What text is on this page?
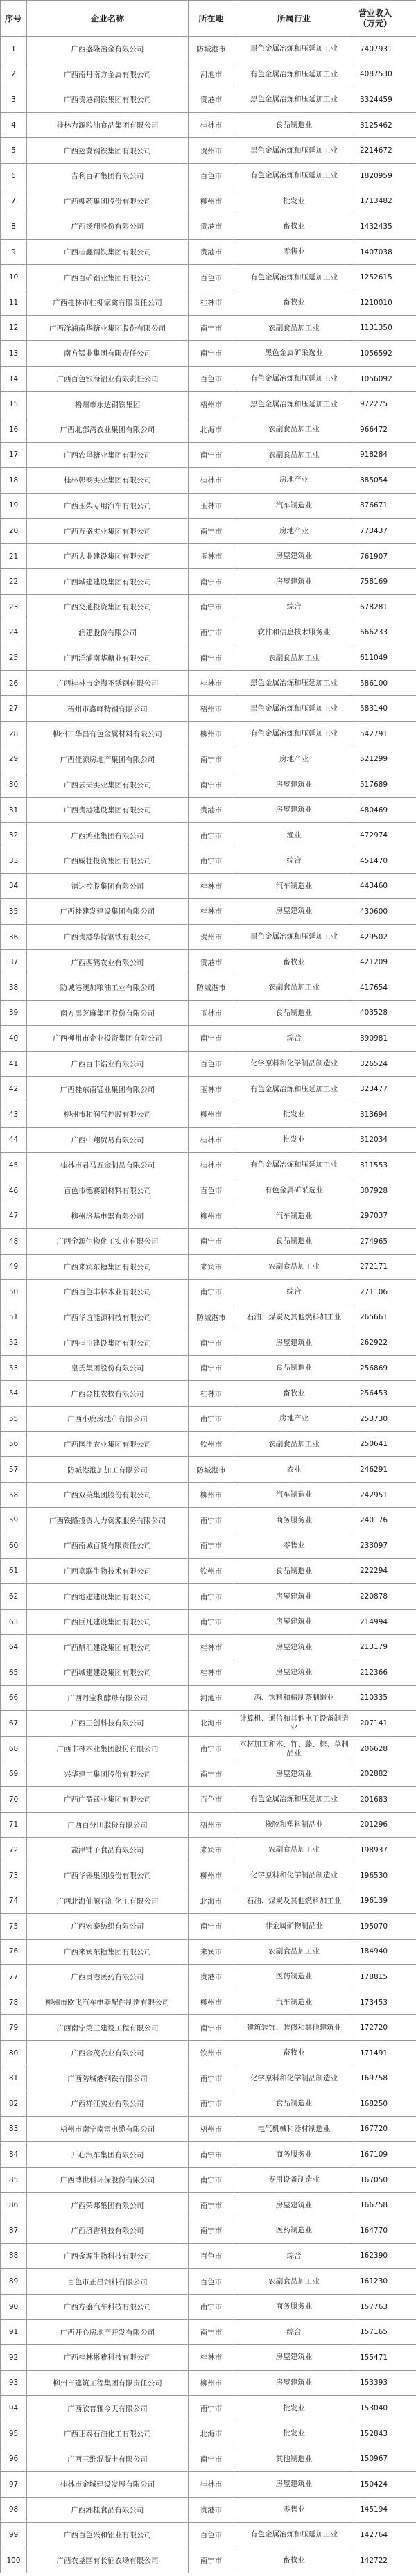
序号	企业名称	所在地	所属行业	营业收入
（万元）
1	广西盛隆冶金有限公司	防城港市	黑色金属冶炼和压延加工业	7407931
2	广西南丹南方金属有限公司	河池市	有色金属冶炼和压延加工业	4087530
3	广西贵港钢铁集团有限公司	贵港市	黑色金属冶炼和压延加工业	3324459
4	桂林力源粮油食品集团有限公司	桂林市	食品制造业	3125462
5	广西翅冀钢铁集团有限公司	贺州市	黑色金属冶炼和压延加工业	2214672
6	吉利百矿集团有限公司	百色市	有色金属冶炼和压延加工业	1820959
7	广西柳药集团股份有限公司	柳州市	批发业	1713482
8	广西扬翔股份有限公司	贵港市	畜牧业	1432435
9	广西桂鑫钢铁集团有限公司	贵港市	零售业	1407038
10	广西百矿铝业集团有限公司	百色市	有色金属冶炼和压延加工业	1252615
11	广西桂林市桂柳家禽有限责任公司	桂林市	畜牧业	1210010
12	广西洋浦南华糖业集团股份有限公司	南宁市	农副食品加工业	1131350
13	南方锰业集团有限责任公司	南宁市	黑色金属矿采选业	1056592
14	广西百色银海铝业有限责任公司	百色市	有色金属冶炼和压延加工业	1056092
15	梧州市永达钢铁集团	梧州市	黑色金属冶炼和压延加工业	972275
16	广西北部湾农业集团有限公司	北海市	农副食品加工业	966472
17	广西农垦糖业集团有限公司	南宁市	农副食品加工业	918284
18	桂林彰泰实业集团有限公司	桂林市	房地产业	885054
19	广西玉柴专用汽车有限公司	玉林市	汽车制造业	876671
20	广西万盛实业集团有限公司	南宁市	房地产业	773437
21	广西大业建设集团有限公司	玉林市	房屋建筑业	761907
22	广西城建建设集团有限公司	南宁市	房屋建筑业	758169
23	广西交通投资集团有限公司	南宁市	综合	678281
24	润建股份有限公司	南宁市	软件和信息技术服务业	666233
25	广西洋浦南华糖业有限公司	南宁市	农副食品加工业	611049
26	广西桂林市金海不锈钢有限公司	桂林市	黑色金属冶炼和压延加工业	586100
27	梧州市鑫峰特钢有限公司	梧州市	黑色金属冶炼和压延加工业	583140
28	柳州市华昌有色金属材料有限公司	柳州市	有色金属冶炼和压延加工业	542791
29	广西佳源房地产集团有限公司	南宁市	房地产业	521299
30	广西云天实业集团有限公司	南宁市	房屋建筑业	517689
31	广西贵港建设集团有限公司	贵港市	房屋建筑业	480469
32	广西鸿业集团有限公司	南宁市	渔业	472974
33	广西威壮投资集团有限公司	南宁市	综合	451470
34	福达控股集团有限公司	桂林市	汽车制造业	443460
35	广西桂建发建设集团有限公司	桂林市	房屋建筑业	430600
36	广西贵港华特钢铁有限公司	贺州市	黑色金属冶炼和压延加工业	429502
37	广西西鹤农业有限公司	贵港市	畜牧业	421209
38	防城港澳加粮油工业有限公司	防城港市	农副食品加工业	417654
39	南方黑芝麻集团股份有限公司	玉林市	食品制造业	403528
40	广西柳州市企业投资集团有限公司	南宁市	综合	390981
41	广西百丰锆业有限公司	百色市	化学原料和化学制品制造业	326524
42	广西桂东南锰业集团有限公司	玉林市	有色金属冶炼和压延加工业	323477
43	柳州市和润气控股有限公司	柳州市	批发业	313694
44	广西中翔贸易有限公司	桂林市	批发业	312034
45	桂林市君马五金制品有限公司	桂林市	有色金属冶炼和压延加工业	311553
46	百色市德赛铝材料有限公司	百色市	有色金属矿采选业	307928
47	柳州洛基电器有限公司	柳州市	汽车制造业	297037
48	广西金源生物化工实业有限公司	南宁市	食品制造业	274965
49	广西来宾东糖集团有限公司	来宾市	农副食品加工业	272171
50	广西百色丰林木业有限公司	南宁市	综合	271106
51	广西华谊能源科技有限公司	防城港市	石油、煤炭及其他燃料加工业	265661
52	广西桂川建设集团有限公司	南宁市	房屋建筑业	262922
53	皇氏集团股份有限公司	南宁市	食品制造业	256869
54	广西金桂农牧有限公司	桂林市	畜牧业	256453
55	广西小鹿房地产有限公司	南宁市	房地产业	253730
56	广西国沣农业集团有限公司	钦州市	农副食品加工业	250641
57	防城港港加加工有限公司	防城港市	农业	246291
58	广西双英集团股份有限公司	柳州市	汽车制造业	242951
59	广西铁路投资人力资源服务有限公司	南宁市	商务服务业	240176
60	广西南城百货有限责任公司	南宁市	零售业	233097
61	广西嘉联生物技术有限公司	钦州市	食品制造业	222294
62	广西地建建设集团有限公司	南宁市	房屋建筑业	220878
63	广西巨凡建设集团有限公司	南宁市	房屋建筑业	214994
64	广西鼎汇建设集团有限公司	桂林市	房屋建筑业	213179
65	广西城建建设集团有限公司	桂林市	房屋建筑业	212366
66	广西丹宝利酵母有限公司	河池市	酒、饮料和精制茶制造业	210335
67	广西三创科技有限公司	北海市	计算机、通信和其他电子设备制造业	207141
68	广西丰林木业集团股份有限公司	南宁市	木材加工和木、竹、藤、棕、草制品业	206628
69	兴华建工集团股份有限公司	南宁市	房屋建筑业	202882
70	广西广盈锰业集团有限公司	百色市	有色金属冶炼和压延加工业	201683
71	广西百分田股份有限公司	梧州市	橡胶和塑料制品业	201296
72	盐津铺子食品有限公司	来宾市	农副食品加工业	198937
73	广西华锡集团股份有限公司	柳州市	化学原料和化学制品制造业	196530
74	广西北海仙源石油化工有限公司	北海市	石油、煤炭及其他燃料加工业	196139
75	广西宏泰纺织有限公司	南宁市	非金属矿物制品业	195070
76	广西来宾东糖集团有限公司	来宾市	农副食品加工业	184940
77	广西贵港医药有限公司	贵港市	医药制造业	178815
78	柳州市欧飞汽车电器配件制造有限公司	柳州市	汽车制造业	173453
79	广西南宁第三建设工程有限公司	南宁市	建筑装饰、装修和其他建筑业	172720
80	广西金茂农业有限公司	钦州市	畜牧业	171491
81	广西防城港钢铁有限公司	南宁市	化学原料和化学制品制造业	169758
82	广西祥江实业有限公司	南宁市	食品制造业	168250
83	梧州市南宁南雷电缆有限公司	梧州市	电气机械和器材制造业	167720
84	开心汽车集团有限公司	南宁市	商务服务业	167109
85	广西博世科环保股份有限公司	南宁市	专用设备制造业	167050
86	广西荣邦集团有限公司	南宁市	房屋建筑业	166758
87	广西济香科技有限公司	南宁市	医药制造业	164770
88	广西金源生物科技有限公司	百色市	综合	162390
89	百色市正昌饲料有限公司	百色市	农副食品加工业	161230
90	广西方盛汽车科技有限公司	南宁市	商务服务业	157763
91	广西开心房地产开发有限公司	南宁市	综合	157165
92	广西桂林彬雅科技有限公司	桂林市	房屋建筑业	155471
93	柳州市建筑工程集团有限责任公司	柳州市	房屋建筑业	153393
94	广西欣普雅今天有限公司	南宁市	批发业	153040
95	广西正泰石油化工有限公司	北海市	批发业	152843
96	广西三维混凝土有限公司	南宁市	其他制造业	150967
97	桂林市金城建设发展有限公司	桂林市	房屋建筑业	150424
98	广西湘桂食品有限公司	贵港市	零售业	145194
99	广西百色兴和铝业有限公司	百色市	有色金属冶炼和压延加工业	142764
100	广西农垦国有长征农场有限公司	南宁市	畜牧业	142722
